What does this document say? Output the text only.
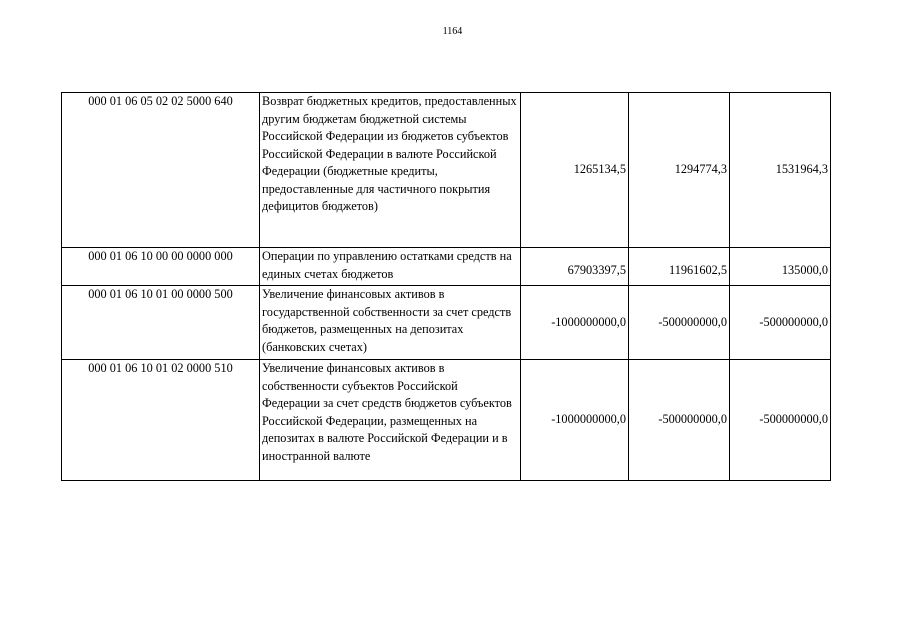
1164
000 01 06 05 02 02 5000 640	Возврат бюджетных кредитов, предоставленных другим бюджетам бюджетной системы Российской Федерации из бюджетов субъектов Российской Федерации в валюте Российской Федерации (бюджетные кредиты, предоставленные для частичного покрытия дефицитов бюджетов)	1265134,5	1294774,3	1531964,3
000 01 06 10 00 00 0000 000	Операции по управлению остатками средств на единых счетах бюджетов	67903397,5	11961602,5	135000,0
000 01 06 10 01 00 0000 500	Увеличение финансовых активов в государственной собственности за счет средств бюджетов, размещенных на депозитах (банковских счетах)	-1000000000,0	-500000000,0	-500000000,0
000 01 06 10 01 02 0000 510	Увеличение финансовых активов в собственности субъектов Российской Федерации за счет средств бюджетов субъектов Российской Федерации, размещенных на депозитах в валюте Российской Федерации и в иностранной валюте	-1000000000,0	-500000000,0	-500000000,0
